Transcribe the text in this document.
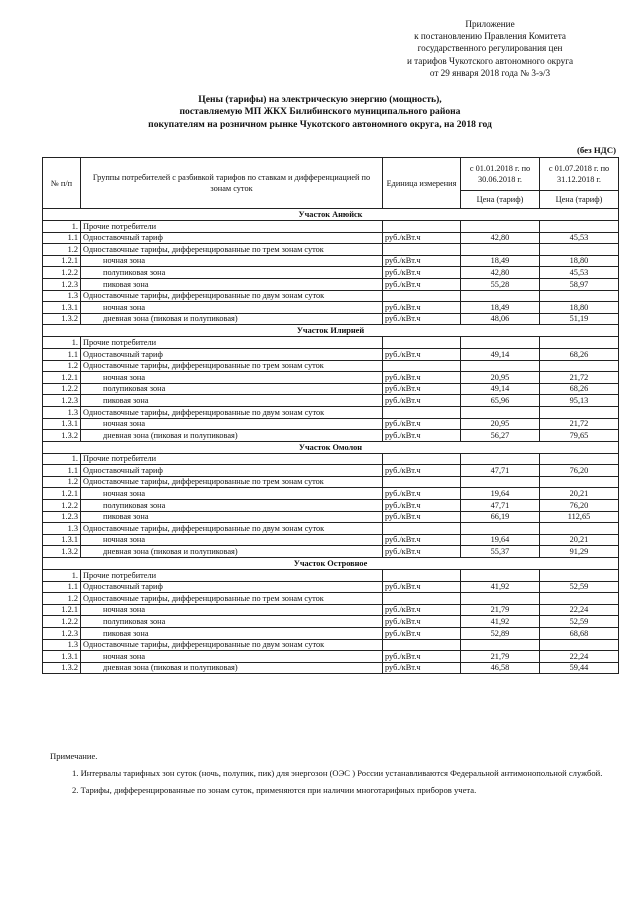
Приложение
к постановлению Правления Комитета
государственного регулирования цен
и тарифов Чукотского автономного округа
от 29 января 2018 года № 3-э/3
Цены (тарифы) на электрическую энергию (мощность),
поставляемую МП ЖКХ Билибинского муниципального района
покупателям на розничном рынке Чукотского автономного округа, на 2018 год
(без НДС)
№ п/п	Группы потребителей с разбивкой тарифов по ставкам и дифференциацией по зонам суток	Единица измерения	с 01.01.2018 г. по 30.06.2018 г.	с 01.07.2018 г. по 31.12.2018 г.
			Цена (тариф)	Цена (тариф)
Участок Анюйск				
1.	Прочие потребители			
1.1	Одноставочный тариф	руб./кВт.ч	42,80	45,53
1.2	Одноставочные тарифы, дифференцированные по трем зонам суток			
1.2.1	ночная зона	руб./кВт.ч	18,49	18,80
1.2.2	полупиковая зона	руб./кВт.ч	42,80	45,53
1.2.3	пиковая зона	руб./кВт.ч	55,28	58,97
1.3	Одноставочные тарифы, дифференцированные по двум зонам суток			
1.3.1	ночная зона	руб./кВт.ч	18,49	18,80
1.3.2	дневная зона (пиковая и полупиковая)	руб./кВт.ч	48,06	51,19
Участок Илирней				
1.	Прочие потребители			
1.1	Одноставочный тариф	руб./кВт.ч	49,14	68,26
1.2	Одноставочные тарифы, дифференцированные по трем зонам суток			
1.2.1	ночная зона	руб./кВт.ч	20,95	21,72
1.2.2	полупиковая зона	руб./кВт.ч	49,14	68,26
1.2.3	пиковая зона	руб./кВт.ч	65,96	95,13
1.3	Одноставочные тарифы, дифференцированные по двум зонам суток			
1.3.1	ночная зона	руб./кВт.ч	20,95	21,72
1.3.2	дневная зона (пиковая и полупиковая)	руб./кВт.ч	56,27	79,65
Участок Омолон				
1.	Прочие потребители			
1.1	Одноставочный тариф	руб./кВт.ч	47,71	76,20
1.2	Одноставочные тарифы, дифференцированные по трем зонам суток			
1.2.1	ночная зона	руб./кВт.ч	19,64	20,21
1.2.2	полупиковая зона	руб./кВт.ч	47,71	76,20
1.2.3	пиковая зона	руб./кВт.ч	66,19	112,65
1.3	Одноставочные тарифы, дифференцированные по двум зонам суток			
1.3.1	ночная зона	руб./кВт.ч	19,64	20,21
1.3.2	дневная зона (пиковая и полупиковая)	руб./кВт.ч	55,37	91,29
Участок Островное				
1.	Прочие потребители			
1.1	Одноставочный тариф	руб./кВт.ч	41,92	52,59
1.2	Одноставочные тарифы, дифференцированные по трем зонам суток			
1.2.1	ночная зона	руб./кВт.ч	21,79	22,24
1.2.2	полупиковая зона	руб./кВт.ч	41,92	52,59
1.2.3	пиковая зона	руб./кВт.ч	52,89	68,68
1.3	Одноставочные тарифы, дифференцированные по двум зонам суток			
1.3.1	ночная зона	руб./кВт.ч	21,79	22,24
1.3.2	дневная зона (пиковая и полупиковая)	руб./кВт.ч	46,58	59,44

Примечание.

1. Интервалы тарифных зон суток (ночь, полупик, пик) для энергозон (ОЭС ) России устанавливаются Федеральной антимонопольной службой.

2. Тарифы, дифференцированные по зонам суток, применяются при наличии многотарифных приборов учета.
